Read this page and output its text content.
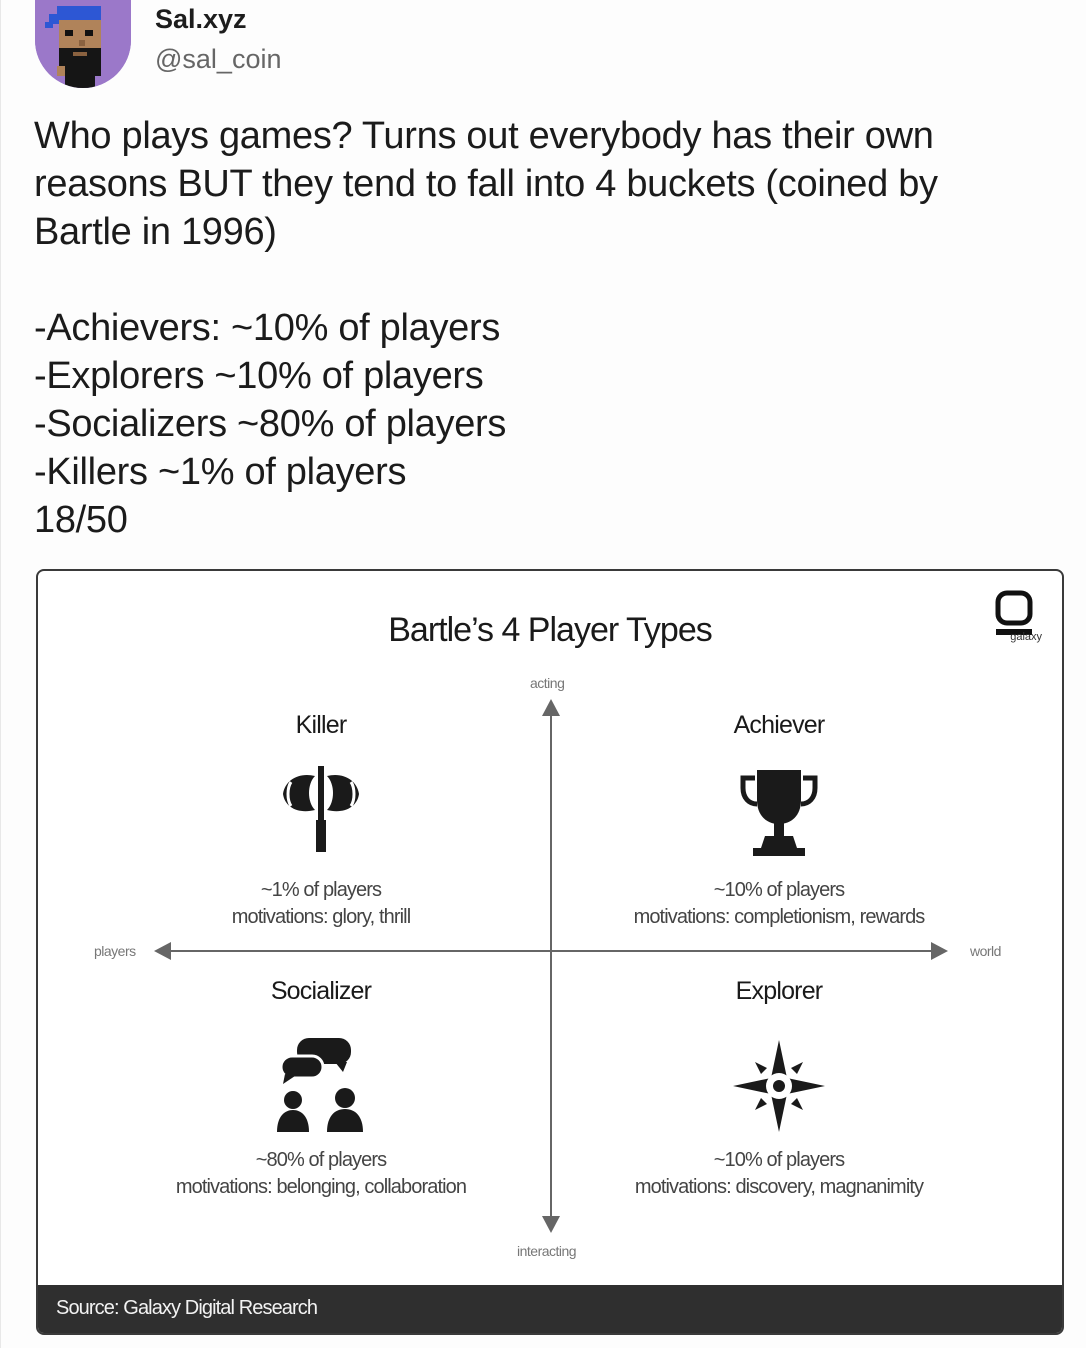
Sal.xyz
@sal_coin

Who plays games? Turns out everybody has their own

reasons BUT they tend to fall into 4 buckets (coined by

Bartle in 1996)

-Achievers: ~10% of players

-Explorers ~10% of players

-Socializers ~80% of players

-Killers ~1% of players

18/50

Bartle’s 4 Player Types	galaxy
acting
interacting
players	world
Killer
~1% of players
motivations: glory, thrill
Achiever
~10% of players
motivations: completionism, rewards
Socializer
~80% of players
motivations: belonging, collaboration
Explorer
~10% of players
motivations: discovery, magnanimity
Source: Galaxy Digital Research
